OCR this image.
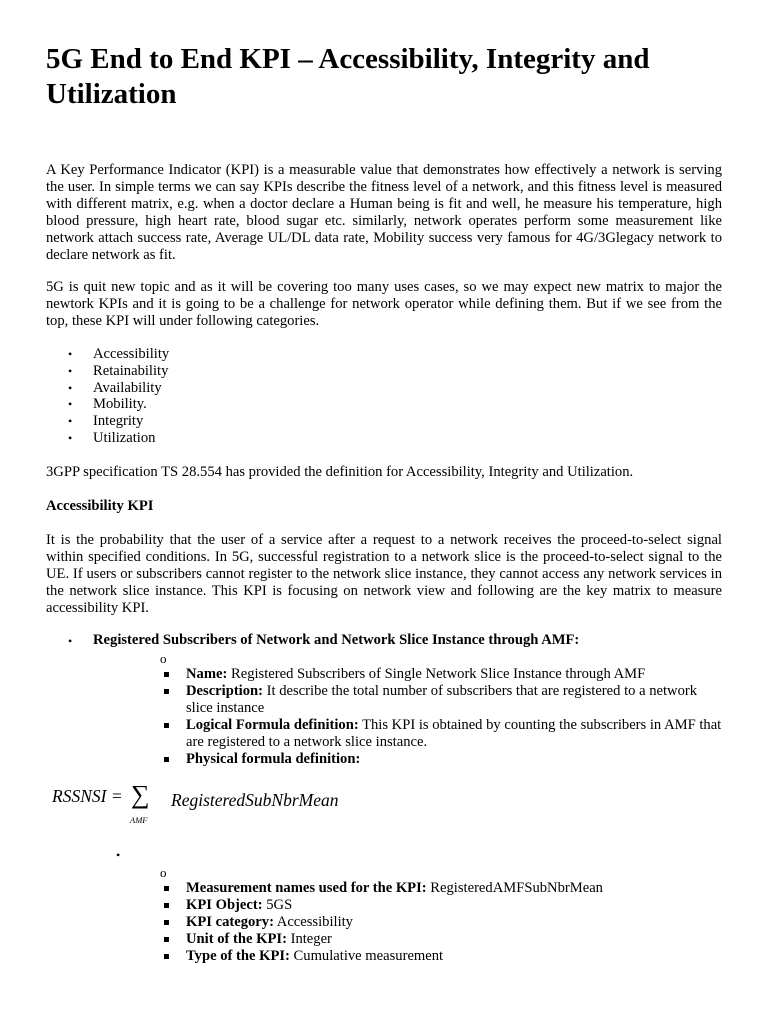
5G End to End KPI – Accessibility, Integrity and Utilization

A Key Performance Indicator (KPI) is a measurable value that demonstrates how effectively a network is serving the user. In simple terms we can say KPIs describe the fitness level of a network, and this fitness level is measured with different matrix, e.g. when a doctor declare a Human being is fit and well, he measure his temperature, high blood pressure, high heart rate, blood sugar etc. similarly, network operates perform some measurement like network attach success rate, Average UL/DL data rate, Mobility success very famous for 4G/3Glegacy network to declare network as fit.

5G is quit new topic and as it will be covering too many uses cases, so we may expect new matrix to major the newtork KPIs and it is going to be a challenge for network operator while defining them. But if we see from the top, these KPI will under following categories.

• Accessibility
• Retainability
• Availability
• Mobility.
• Integrity
• Utilization

3GPP specification TS 28.554 has provided the definition for Accessibility, Integrity and Utilization.

Accessibility KPI

It is the probability that the user of a service after a request to a network receives the proceed-to-select signal within specified conditions. In 5G, successful registration to a network slice is the proceed-to-select signal to the UE. If users or subscribers cannot register to the network slice instance, they cannot access any network services in the network slice instance. This KPI is focusing on network view and following are the key matrix to measure accessibility KPI.

• Registered Subscribers of Network and Network Slice Instance through AMF:
o
Name: Registered Subscribers of Single Network Slice Instance through AMF
Description: It describe the total number of subscribers that are registered to a network slice instance
Logical Formula definition: This KPI is obtained by counting the subscribers in AMF that are registered to a network slice instance.
Physical formula definition:
RSSNSI = ∑
AMF
RegisteredSubNbrMean
•
o
Measurement names used for the KPI: RegisteredAMFSubNbrMean
KPI Object: 5GS
KPI category: Accessibility
Unit of the KPI: Integer
Type of the KPI: Cumulative measurement
